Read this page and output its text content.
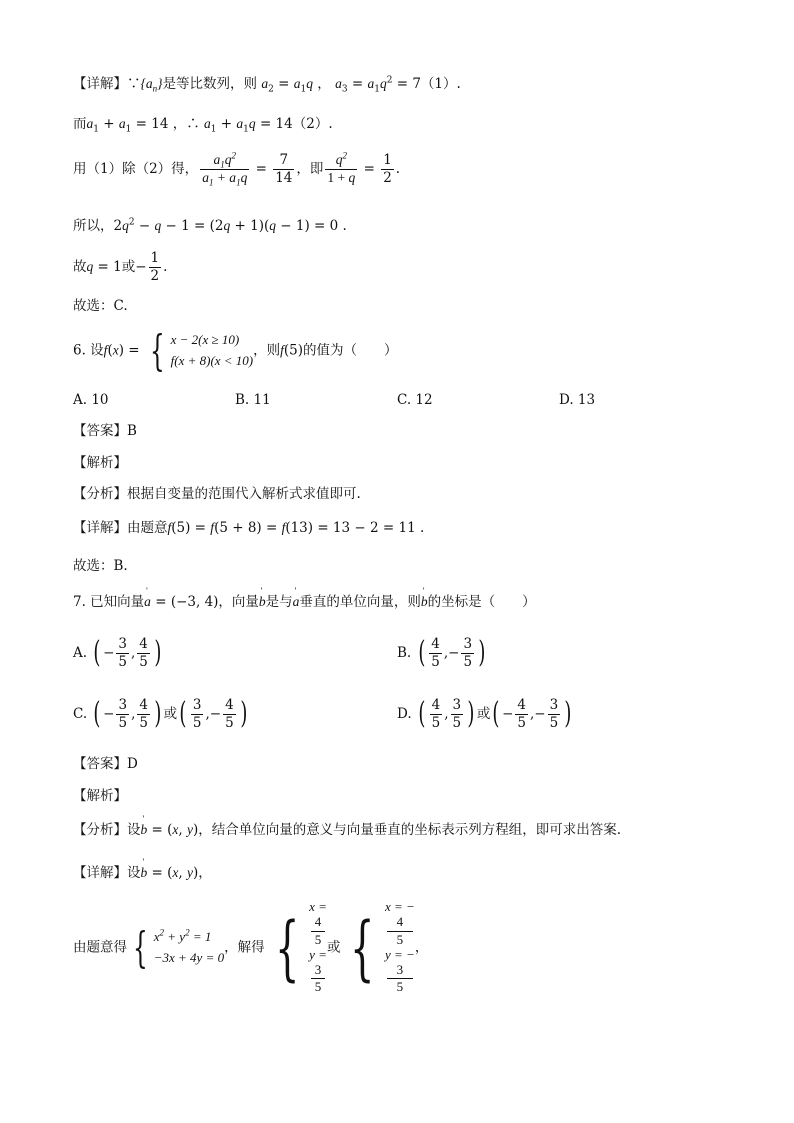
【详解】$\because\{a_n\}$是等比数列，则 $a_2 = a_1q$ ， $a_3 = a_1q^2 = 7(1)$.
而$a_1 + a_1 = 14$ ，∴ $a_1 + a_1q = 14(2)$.
用（1）除（2）得， $\frac{a_1q^2}{a_1 + a_1q} = \frac{7}{14}$ ，即 $\frac{q^2}{1 + q} = \frac{1}{2}$ .
所以，$2q^2 - q - 1 = (2q + 1)(q - 1) = 0$ .
故q = 1或− $\frac{1}{2}$ .
故选：C.
6. 设f(x) = { x − 2(x ≥ 10)
f(x + 8)(x < 10)
，则f(5)的值为（　　）
A. 10	B. 11	C. 12	D. 13
【答案】B
【解析】
【分析】根据自变量的范围代入解析式求值即可.
【详解】由题意f(5) = f(5 + 8) = f(13) = 13 − 2 = 11 .
故选：B.
7. 已知向量' a = (−3, 4)，向量' b是与' a垂直的单位向量，则' b的坐标是（　　）
A. ( − $\frac{3}{5}$ , $\frac{4}{5}$ )	B. ( $\frac{4}{5}$ ,− $\frac{3}{5}$ )
C. ( − $\frac{3}{5}$ , $\frac{4}{5}$ ) 或( $\frac{3}{5}$ ,− $\frac{4}{5}$ )	D. ( $\frac{4}{5}$ , $\frac{3}{5}$ ) 或( − $\frac{4}{5}$ ,− $\frac{3}{5}$ )
【答案】D
【解析】
【分析】设' b = (x, y)，结合单位向量的意义与向量垂直的坐标表示列方程组，即可求出答案.
【详解】设' b = (x, y)，
由题意得 { $x^2 + y^2 = 1$
−3x + 4y = 0
，解得 {
x =
4
5
y =
3
5
或 {
x = −
4
5
y = −
3
5
，
